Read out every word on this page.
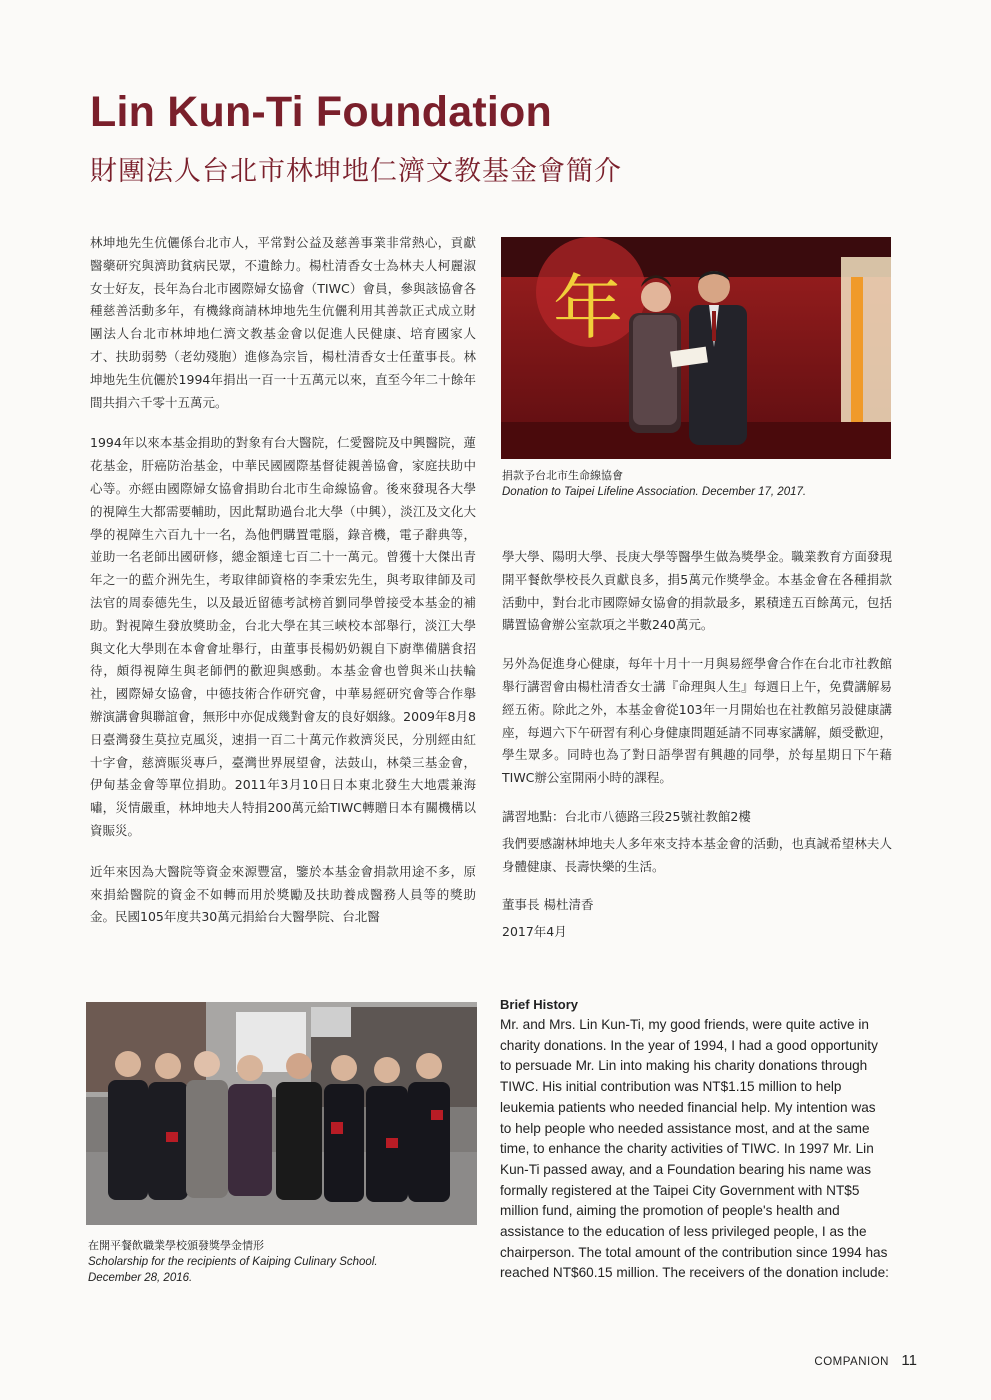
Lin Kun-Ti Foundation
財團法人台北市林坤地仁濟文教基金會簡介

林坤地先生伉儷係台北市人，平常對公益及慈善事業非常熱心，貢獻醫藥研究與濟助貧病民眾，不遺餘力。楊杜清香女士為林夫人柯麗淑女士好友，長年為台北市國際婦女協會（TIWC）會員，參與該協會各種慈善活動多年，有機緣商請林坤地先生伉儷利用其善款正式成立財團法人台北市林坤地仁濟文教基金會以促進人民健康、培育國家人才、扶助弱勢（老幼殘胞）進修為宗旨，楊杜清香女士任董事長。林坤地先生伉儷於1994年捐出一百一十五萬元以來，直至今年二十餘年間共捐六千零十五萬元。

1994年以來本基金捐助的對象有台大醫院，仁愛醫院及中興醫院，蓮花基金，肝癌防治基金，中華民國國際基督徒親善協會，家庭扶助中心等。亦經由國際婦女協會捐助台北市生命線協會。後來發現各大學的視障生大都需要輔助，因此幫助過台北大學（中興），淡江及文化大學的視障生六百九十一名，為他們購置電腦，錄音機，電子辭典等，並助一名老師出國研修，總金額達七百二十一萬元。曾獲十大傑出青年之一的藍介洲先生，考取律師資格的李秉宏先生，與考取律師及司法官的周泰德先生，以及最近留德考試榜首劉同學曾接受本基金的補助。對視障生發放獎助金，台北大學在其三峽校本部舉行，淡江大學與文化大學則在本會會址舉行，由董事長楊奶奶親自下廚準備膳食招待，頗得視障生與老師們的歡迎與感動。本基金會也曾與米山扶輪社，國際婦女協會，中德技術合作研究會，中華易經研究會等合作舉辦演講會與聯誼會，無形中亦促成幾對會友的良好姻緣。2009年8月8日臺灣發生莫拉克風災，速捐一百二十萬元作救濟災民，分別經由紅十字會，慈濟賑災專戶，臺灣世界展望會，法鼓山，林榮三基金會，伊甸基金會等單位捐助。2011年3月10日日本東北發生大地震兼海嘯，災情嚴重，林坤地夫人特捐200萬元給TIWC轉贈日本有關機構以資賑災。

近年來因為大醫院等資金來源豐富，鑒於本基金會捐款用途不多，原來捐給醫院的資金不如轉而用於獎勵及扶助養成醫務人員等的獎助金。民國105年度共30萬元捐給台大醫學院、台北醫

年
捐款予台北市生命線協會
Donation to Taipei Lifeline Association. December 17, 2017.

學大學、陽明大學、長庚大學等醫學生做為獎學金。職業教育方面發現開平餐飲學校長久貢獻良多，捐5萬元作獎學金。本基金會在各種捐款活動中，對台北市國際婦女協會的捐款最多，累積達五百餘萬元，包括購置協會辦公室款項之半數240萬元。

另外為促進身心健康，每年十月十一月與易經學會合作在台北市社教館舉行講習會由楊杜清香女士講『命理與人生』每週日上午，免費講解易經五術。除此之外，本基金會從103年一月開始也在社教館另設健康講座，每週六下午研習有利心身健康問題延請不同專家講解，頗受歡迎，學生眾多。同時也為了對日語學習有興趣的同學，於每星期日下午藉TIWC辦公室開兩小時的課程。

講習地點：台北市八德路三段25號社教館2樓

我們要感謝林坤地夫人多年來支持本基金會的活動，也真誠希望林夫人身體健康、長壽快樂的生活。

董事長 楊杜清香

2017年4月

在開平餐飲職業學校頒發獎學金情形
Scholarship for the recipients of Kaiping Culinary School.
December 28, 2016.
Brief History

Mr. and Mrs. Lin Kun-Ti, my good friends, were quite active in charity donations. In the year of 1994, I had a good opportunity to persuade Mr. Lin into making his charity donations through TIWC. His initial contribution was NT$1.15 million to help leukemia patients who needed financial help. My intention was to help people who needed assistance most, and at the same time, to enhance the charity activities of TIWC. In 1997 Mr. Lin Kun-Ti passed away, and a Foundation bearing his name was formally registered at the Taipei City Government with NT$5 million fund, aiming the promotion of people's health and assistance to the education of less privileged people, I as the chairperson. The total amount of the contribution since 1994 has reached NT$60.15 million. The receivers of the donation include:

COMPANION 11
